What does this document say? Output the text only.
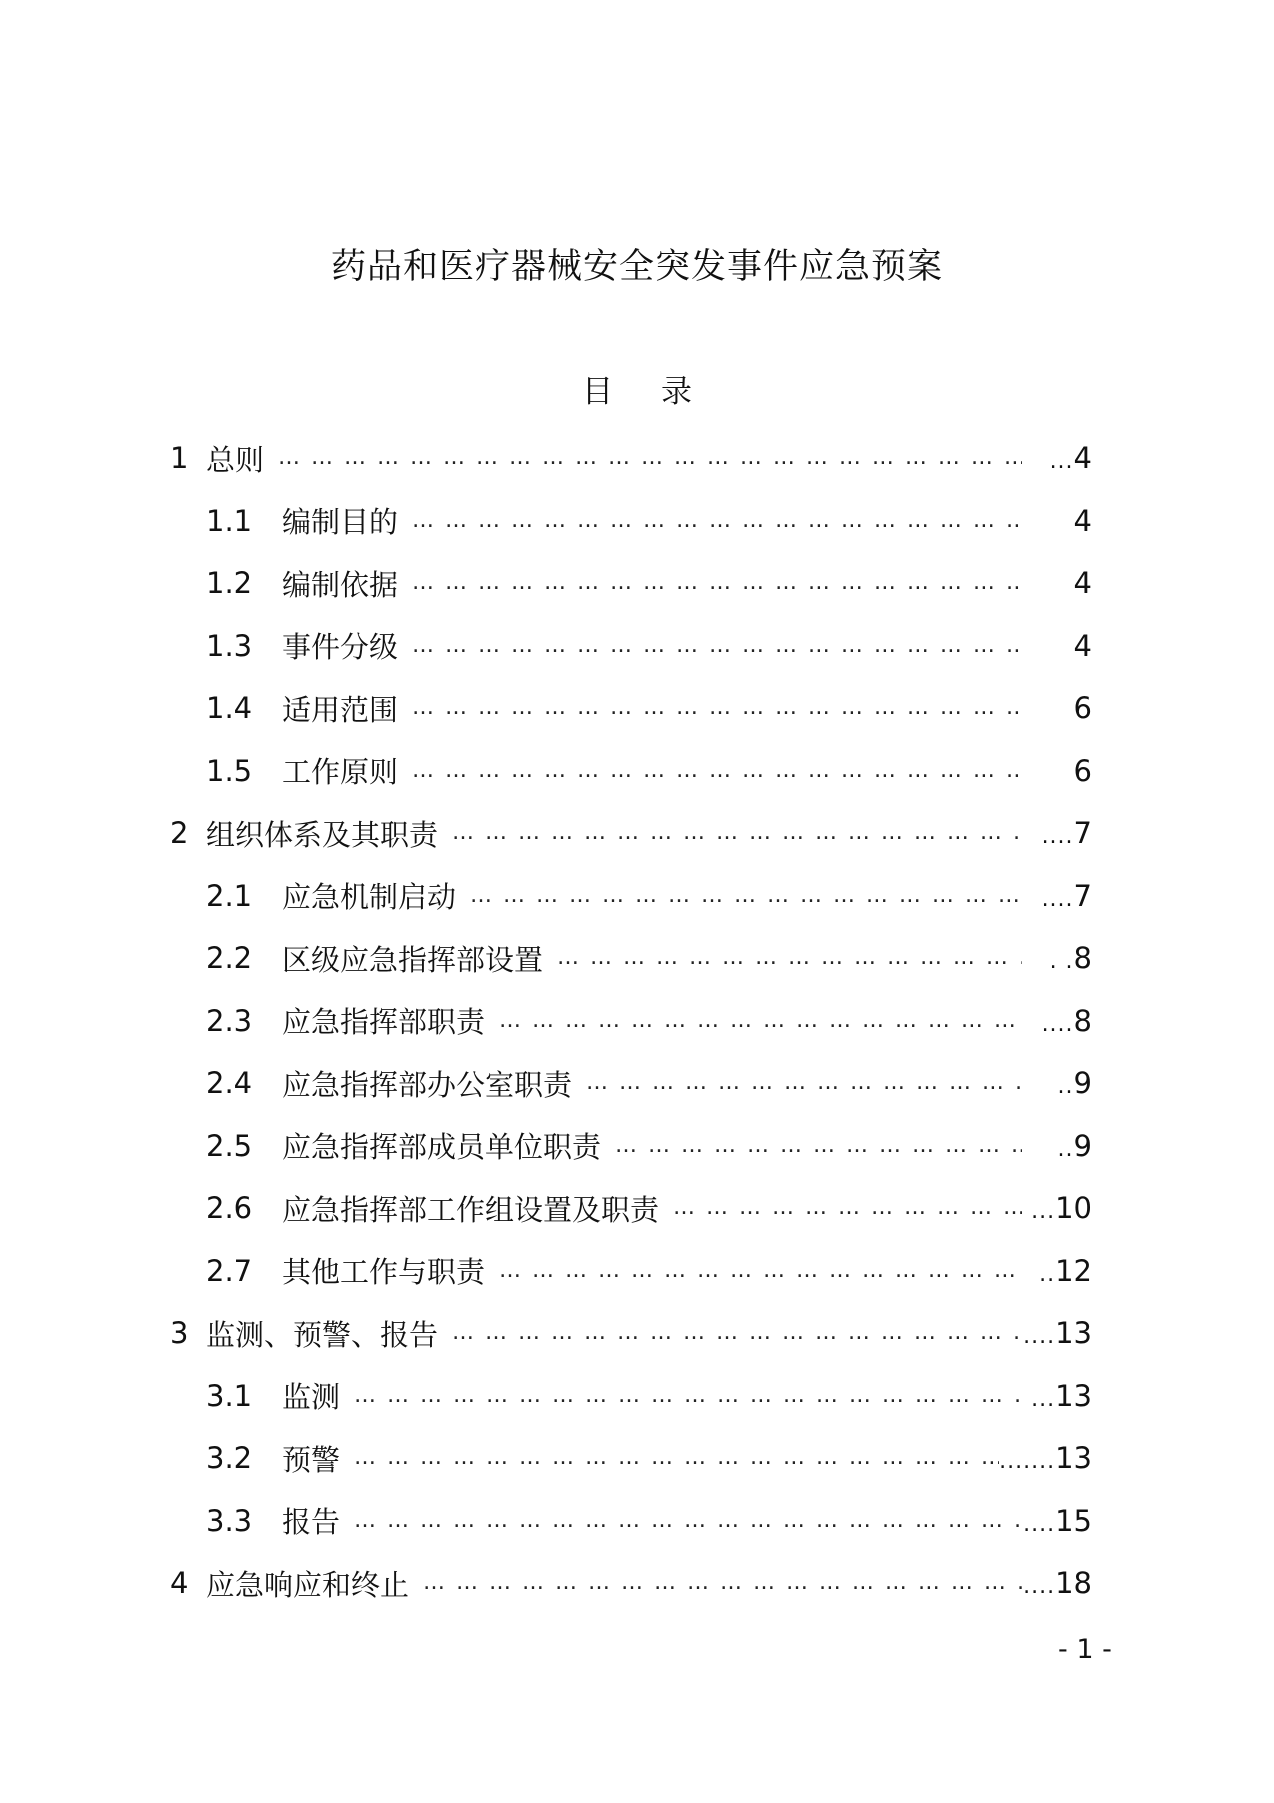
药品和医疗器械安全突发事件应急预案
目 录
1 总则 … … … … … … … … … … … … … … … … … … … … … … … … … … … … … … … … … … … … … … … … … … …	...4
1.1	编制目的 … … … … … … … … … … … … … … … … … … … … … … … … … … … … … … … … … … … … … … … … … … …	4
1.2	编制依据 … … … … … … … … … … … … … … … … … … … … … … … … … … … … … … … … … … … … … … … … … … …	4
1.3	事件分级 … … … … … … … … … … … … … … … … … … … … … … … … … … … … … … … … … … … … … … … … … … …	4
1.4	适用范围 … … … … … … … … … … … … … … … … … … … … … … … … … … … … … … … … … … … … … … … … … … …	6
1.5	工作原则 … … … … … … … … … … … … … … … … … … … … … … … … … … … … … … … … … … … … … … … … … … …	6
2 组织体系及其职责 … … … … … … … … … … … … … … … … … … … … … … … … … … … … … … … … … … … … … … … … … … …	....7
2.1	应急机制启动 … … … … … … … … … … … … … … … … … … … … … … … … … … … … … … … … … … … … … … … … … … …	....7
2.2	区级应急指挥部设置 … … … … … … … … … … … … … … … … … … … … … … … … … … … … … … … … … … … … … … … … … … …	. .8
2.3	应急指挥部职责 … … … … … … … … … … … … … … … … … … … … … … … … … … … … … … … … … … … … … … … … … … …	....8
2.4	应急指挥部办公室职责 … … … … … … … … … … … … … … … … … … … … … … … … … … … … … … … … … … … … … … … … … … …	..9
2.5	应急指挥部成员单位职责 … … … … … … … … … … … … … … … … … … … … … … … … … … … … … … … … … … … … … … … … … … …	..9
2.6	应急指挥部工作组设置及职责 … … … … … … … … … … … … … … … … … … … … … … … … … … … … … … … … … … … … … … … … … … …	...10
2.7	其他工作与职责 … … … … … … … … … … … … … … … … … … … … … … … … … … … … … … … … … … … … … … … … … … …	..12
3 监测、预警、报告 … … … … … … … … … … … … … … … … … … … … … … … … … … … … … … … … … … … … … … … … … … …	....13
3.1	监测 … … … … … … … … … … … … … … … … … … … … … … … … … … … … … … … … … … … … … … … … … … …	...13
3.2	预警 … … … … … … … … … … … … … … … … … … … … … … … … … … … … … … … … … … … … … … … … … … …	.......13
3.3	报告 … … … … … … … … … … … … … … … … … … … … … … … … … … … … … … … … … … … … … … … … … … …	....15
4 应急响应和终止 … … … … … … … … … … … … … … … … … … … … … … … … … … … … … … … … … … … … … … … … … … …	....18
- 1 -
